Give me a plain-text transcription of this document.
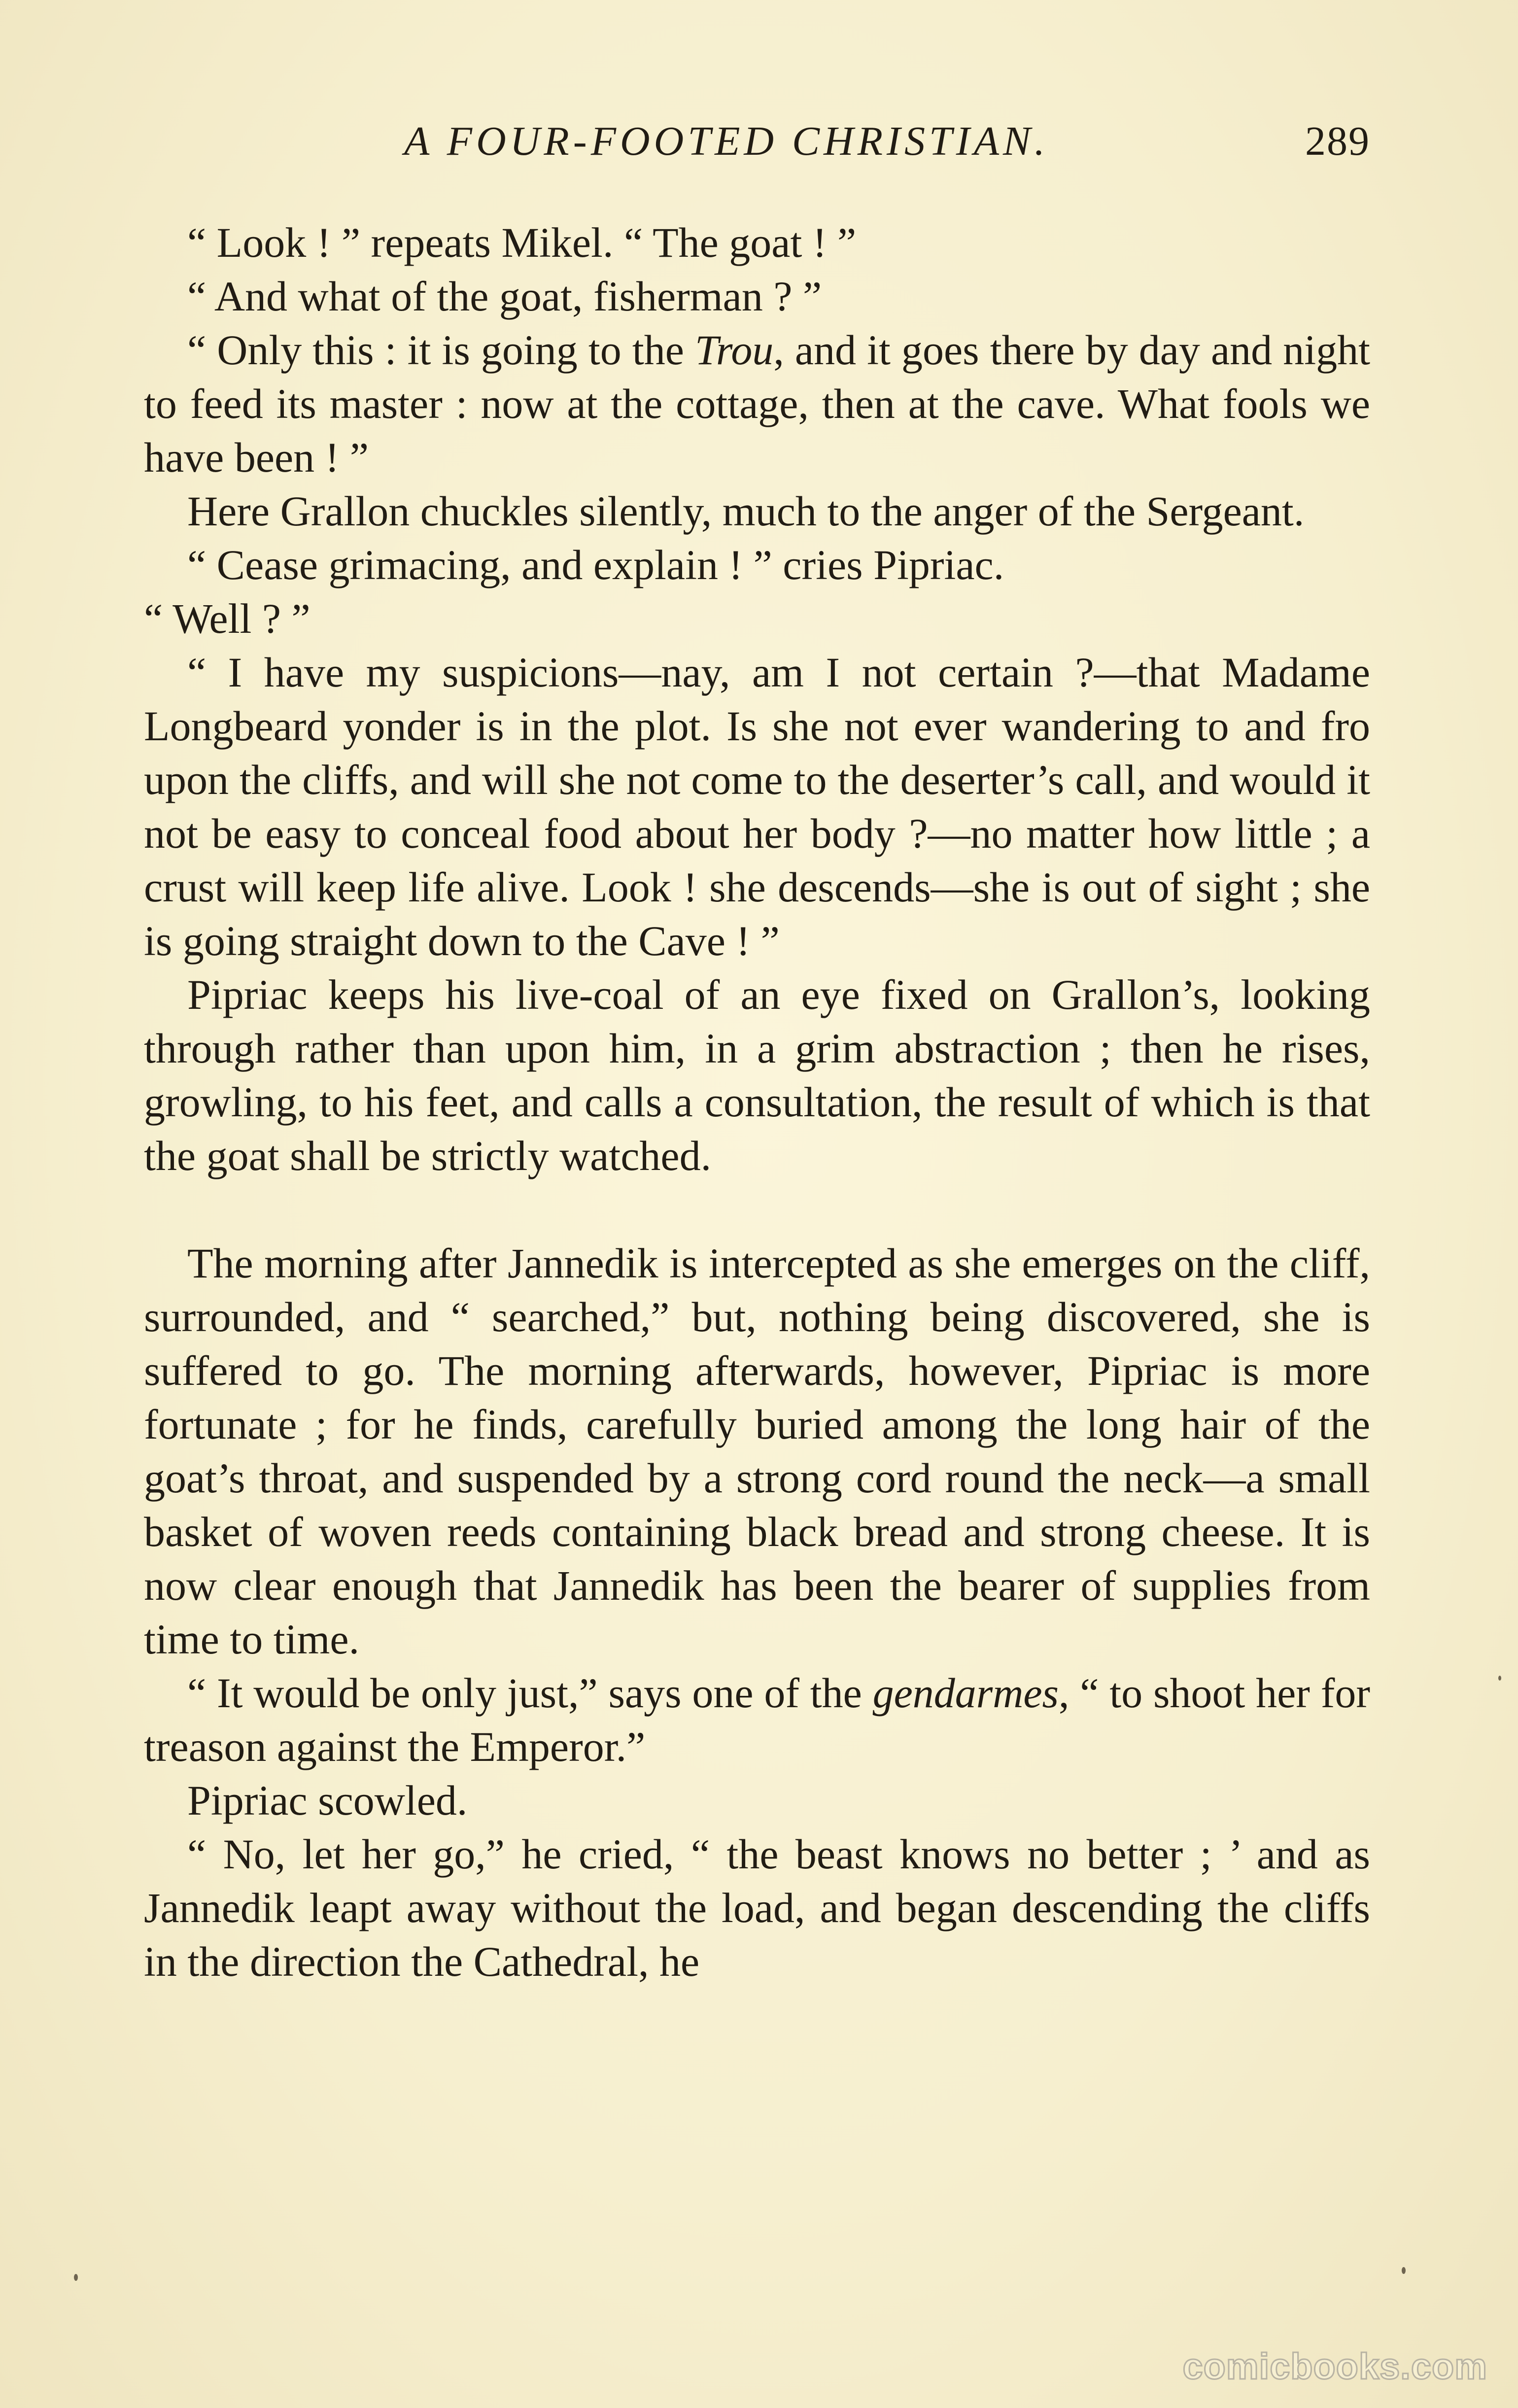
A FOUR-FOOTED CHRISTIAN.	289

“ Look ! ” repeats Mikel. “ The goat ! ”

“ And what of the goat, fisherman ? ”

“ Only this : it is going to the Trou, and it goes there by day and night to feed its master : now at the cottage, then at the cave. What fools we have been ! ”

Here Grallon chuckles silently, much to the anger of the Sergeant.

“ Cease grimacing, and explain ! ” cries Pipriac.

“ Well ? ”

“ I have my suspicions—nay, am I not certain ?—that Madame Longbeard yonder is in the plot. Is she not ever wandering to and fro upon the cliffs, and will she not come to the deserter’s call, and would it not be easy to conceal food about her body ?—no matter how little ; a crust will keep life alive. Look ! she descends—she is out of sight ; she is going straight down to the Cave ! ”

Pipriac keeps his live-coal of an eye fixed on Grallon’s, looking through rather than upon him, in a grim abstraction ; then he rises, growling, to his feet, and calls a consultation, the result of which is that the goat shall be strictly watched.

The morning after Jannedik is intercepted as she emerges on the cliff, surrounded, and “ searched,” but, nothing being discovered, she is suffered to go. The morning afterwards, however, Pipriac is more fortunate ; for he finds, carefully buried among the long hair of the goat’s throat, and suspended by a strong cord round the neck—a small basket of woven reeds containing black bread and strong cheese. It is now clear enough that Jannedik has been the bearer of supplies from time to time.

“ It would be only just,” says one of the gendarmes, “ to shoot her for treason against the Emperor.”

Pipriac scowled.

“ No, let her go,” he cried, “ the beast knows no better ; ’ and as Jannedik leapt away without the load, and began descending the cliffs in the direction the Cathedral, he

comicbooks.com
